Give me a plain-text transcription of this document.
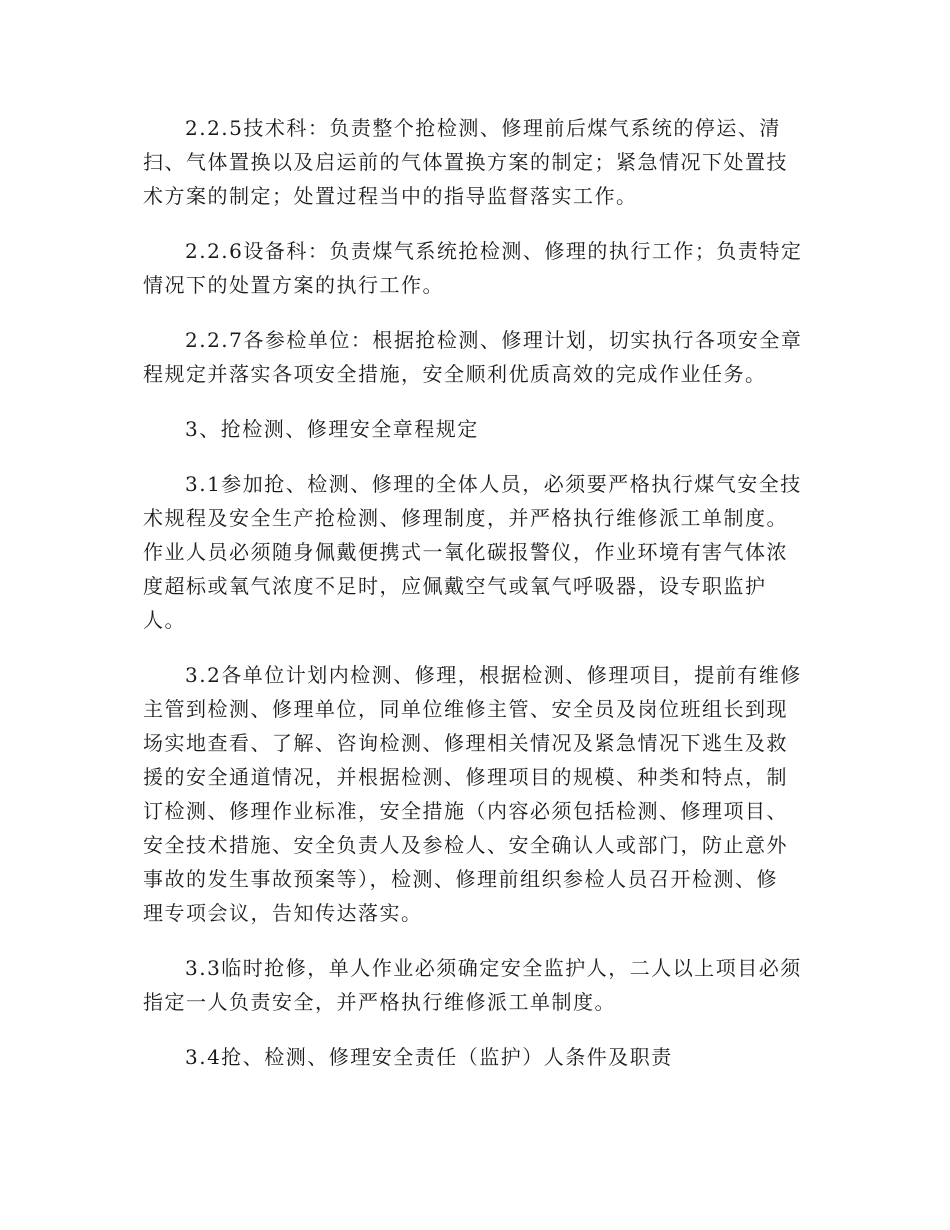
2.2.5技术科：负责整个抢检测、修理前后煤气系统的停运、清
扫、气体置换以及启运前的气体置换方案的制定；紧急情况下处置技
术方案的制定；处置过程当中的指导监督落实工作。

2.2.6设备科：负责煤气系统抢检测、修理的执行工作；负责特定
情况下的处置方案的执行工作。

2.2.7各参检单位：根据抢检测、修理计划，切实执行各项安全章
程规定并落实各项安全措施，安全顺利优质高效的完成作业任务。

3、抢检测、修理安全章程规定

3.1参加抢、检测、修理的全体人员，必须要严格执行煤气安全技
术规程及安全生产抢检测、修理制度，并严格执行维修派工单制度。
作业人员必须随身佩戴便携式一氧化碳报警仪，作业环境有害气体浓
度超标或氧气浓度不足时，应佩戴空气或氧气呼吸器，设专职监护
人。

3.2各单位计划内检测、修理，根据检测、修理项目，提前有维修
主管到检测、修理单位，同单位维修主管、安全员及岗位班组长到现
场实地查看、了解、咨询检测、修理相关情况及紧急情况下逃生及救
援的安全通道情况，并根据检测、修理项目的规模、种类和特点，制
订检测、修理作业标准，安全措施（内容必须包括检测、修理项目、
安全技术措施、安全负责人及参检人、安全确认人或部门，防止意外
事故的发生事故预案等），检测、修理前组织参检人员召开检测、修
理专项会议，告知传达落实。

3.3临时抢修，单人作业必须确定安全监护人，二人以上项目必须
指定一人负责安全，并严格执行维修派工单制度。

3.4抢、检测、修理安全责任（监护）人条件及职责
